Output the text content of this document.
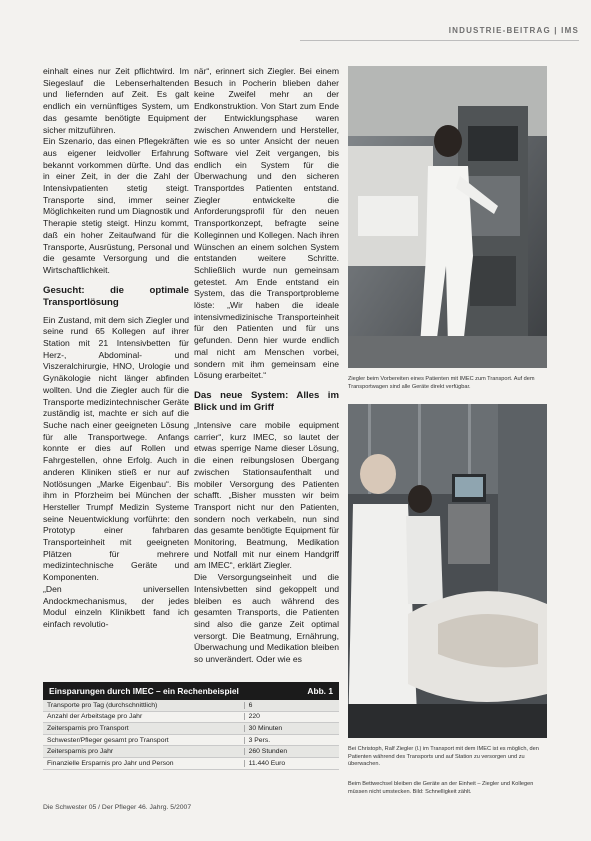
INDUSTRIE-BEITRAG | IMS

einhalt eines nur Zeit pflichtwird. Im Siegeslauf die Lebenserhaltenden und liefernden auf Zeit. Es galt endlich ein vernünftiges System, um das gesamte benötigte Equipment sicher mitzuführen.

Ein Szenario, das einen Pflegekräften aus eigener leidvoller Erfahrung bekannt vorkommen dürfte. Und das in einer Zeit, in der die Zahl der Intensivpatienten stetig steigt. Transporte sind, immer seiner Möglichkeiten rund um Diagnostik und Therapie stetig steigt. Hinzu kommt, daß ein hoher Zeitaufwand für die Transporte, Ausrüstung, Personal und die gesamte Versorgung und die Wirtschaftlichkeit.

Gesucht: die optimale Transportlösung

Ein Zustand, mit dem sich Ziegler und seine rund 65 Kollegen auf ihrer Station mit 21 Intensivbetten für Herz-, Abdominal- und Viszeralchirurgie, HNO, Urologie und Gynäkologie nicht länger abfinden wollten. Und die Ziegler auch für die Transporte medizintechnischer Geräte zuständig ist, machte er sich auf die Suche nach einer geeigneten Lösung für alle Transportwege. Anfangs konnte er dies auf Rollen und Fahrgestellen, ohne Erfolg. Auch in anderen Kliniken stieß er nur auf Notlösungen „Marke Eigenbau“. Bis ihm in Pforzheim bei München der Hersteller Trumpf Medizin Systeme seine Neuentwicklung vorführte: den Prototyp einer fahrbaren Transporteinheit mit geeigneten Plätzen für mehrere medizintechnische Geräte und Komponenten.

„Den universellen Andockmechanismus, der jedes Modul einzeln Klinikbett fand ich einfach revolutio-

när“, erinnert sich Ziegler. Bei einem Besuch in Pocherin blieben daher keine Zweifel mehr an der Endkonstruktion. Von Start zum Ende der Entwicklungsphase waren zwischen Anwendern und Hersteller, wie es so unter Ansicht der neuen Software viel Zeit vergangen, bis endlich ein System für die Überwachung und den sicheren Transportdes Patienten entstand. Ziegler entwickelte die Anforderungsprofil für den neuen Transportkonzept, befragte seine Kolleginnen und Kollegen. Nach ihren Wünschen an einem solchen System entstanden weitere Schritte. Schließlich wurde nun gemeinsam getestet. Am Ende entstand ein System, das die Transportprobleme löste: „Wir haben die ideale intensivmedizinische Transporteinheit für den Patienten und für uns gefunden. Denn hier wurde endlich mal nicht am Menschen vorbei, sondern mit ihm gemeinsam eine Lösung erarbeitet.“

Das neue System: Alles im Blick und im Griff

„Intensive care mobile equipment carrier“, kurz IMEC, so lautet der etwas sperrige Name dieser Lösung, die einen reibungslosen Übergang zwischen Stationsaufenthalt und mobiler Versorgung des Patienten schafft. „Bisher mussten wir beim Transport nicht nur den Patienten, sondern noch verkabeln, nun sind das gesamte benötigte Equipment für Monitoring, Beatmung, Medikation und Notfall mit nur einem Handgriff am IMEC“, erklärt Ziegler.

Die Versorgungseinheit und die Intensivbetten sind gekoppelt und bleiben es auch während des gesamten Transports, die Patienten sind also die ganze Zeit optimal versorgt. Die Beatmung, Ernährung, Überwachung und Medikation bleiben so unverändert. Oder wie es

Ziegler beim Vorbereiten eines Patienten mit IMEC zum Transport. Auf dem Transportwagen sind alle Geräte direkt verfügbar.
Bei Christoph, Ralf Ziegler (l.) im Transport mit dem IMEC ist es möglich, den Patienten während des Transports und auf Station zu versorgen und zu überwachen.
Beim Bettwechsel bleiben die Geräte an der Einheit – Ziegler und Kollegen müssen nicht umstecken. Bild: Schnelligkeit zählt.
Einsparungen durch IMEC – ein Rechenbeispiel	Abb. 1
Transporte pro Tag (durchschnittlich)	6
Anzahl der Arbeitstage pro Jahr	220
Zeitersparnis pro Transport	30 Minuten
Schwester/Pfleger gesamt pro Transport	3 Pers.
Zeitersparnis pro Jahr	260 Stunden
Finanzielle Ersparnis pro Jahr und Person	11.440 Euro
Die Schwester 05 / Der Pfleger 46. Jahrg. 5/2007
